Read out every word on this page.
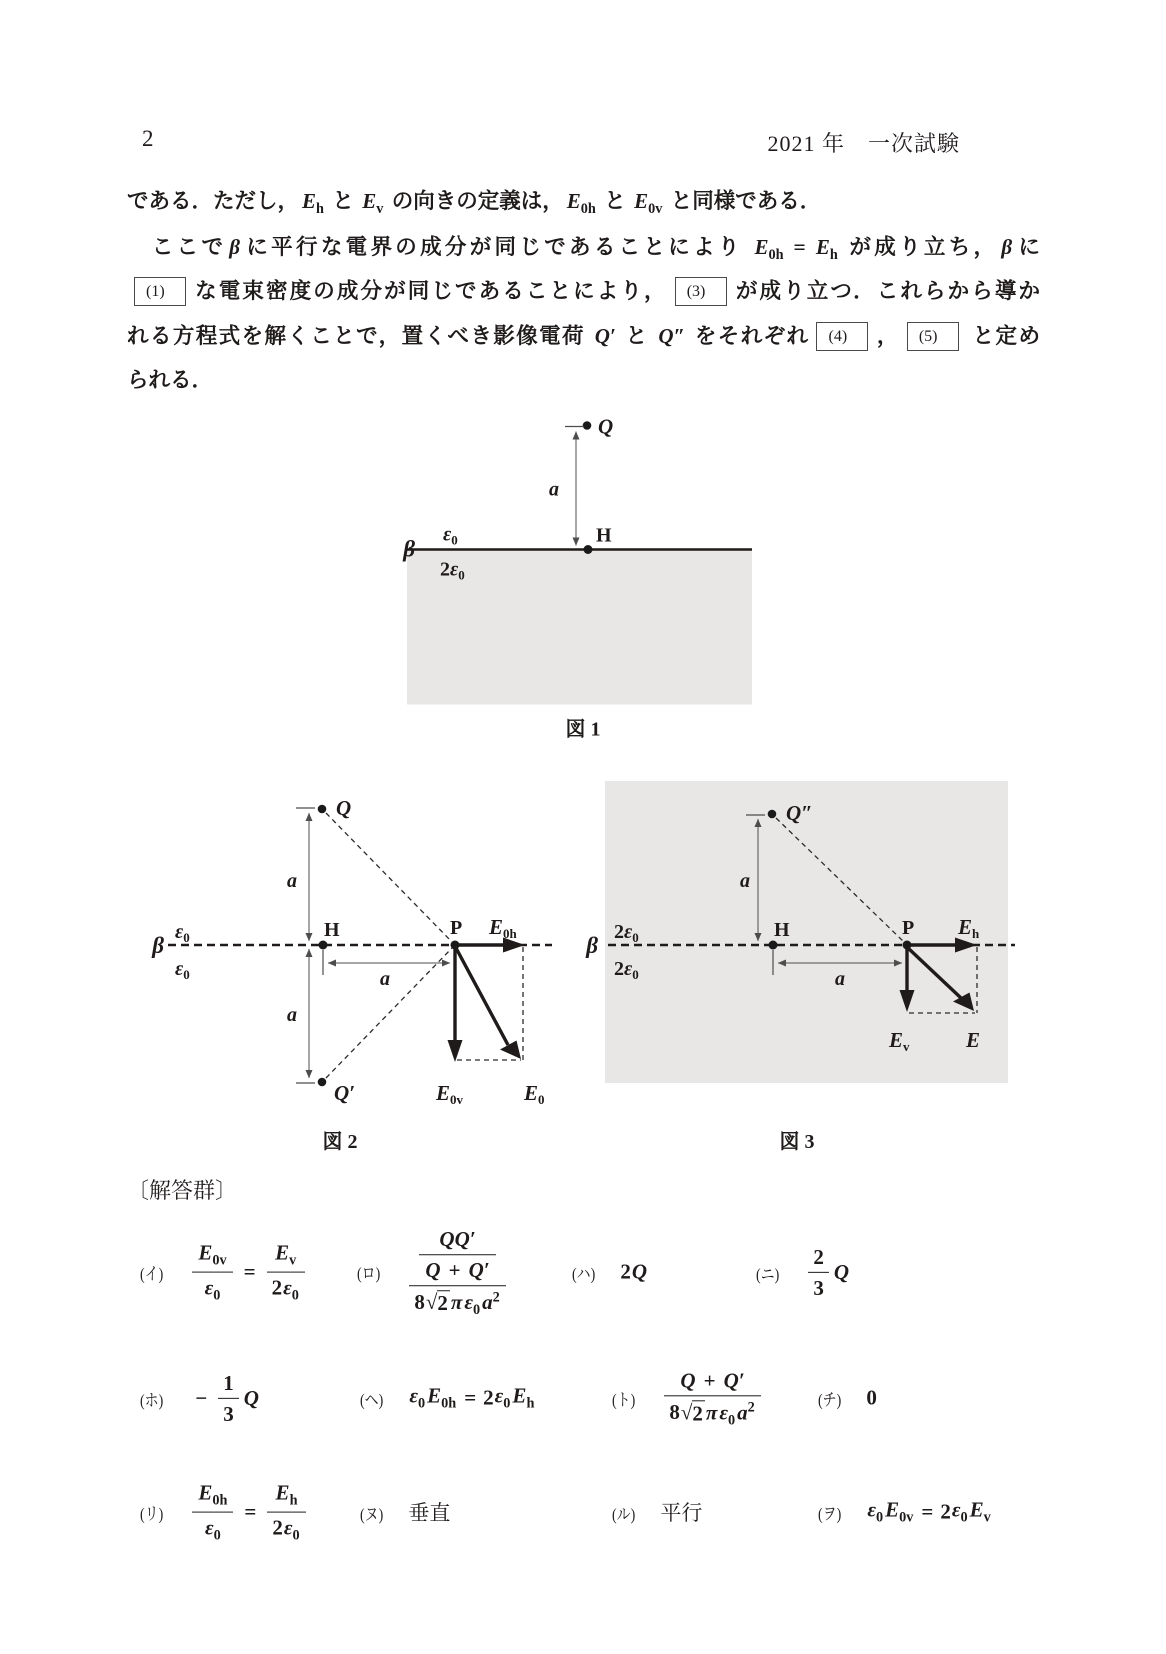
2	2021 年　一次試験
である．ただし， $E_h$ と $E_v$ の向きの定義は， $E_{0h}$ と $E_{0v}$ と同様である．
　ここで β に平行な電界の成分が同じであることにより $E_{0h} = E_h$ が成り立ち， β に
(1) な電束密度の成分が同じであることにより， (3) が成り立つ．これらから導か
れる方程式を解くことで，置くべき影像電荷 Q′ と Q″ をそれぞれ (4) ， (5) と定め
られる．
β
$\varepsilon_0$
$2\varepsilon_0$
Q
a
H
図 1
β
$\varepsilon_0$
$\varepsilon_0$
Q
Q′
a
a
H	P
a
E0h
E0v	E0
図 2
β
$2\varepsilon_0$
$2\varepsilon_0$
Q″
a
H	P
a
Eh
Ev	E
図 3
〔解答群〕
(イ) $\frac{E_{0v}}{\varepsilon_0} = \frac{E_v}{2\varepsilon_0}$	(ロ) $\frac{\frac{QQ'}{Q + Q'}}{8 √ 2 \pi\varepsilon_0a^2}$	(ハ) 2 Q	(ニ) $\frac{2}{3}$ Q
(ホ) − $\frac{1}{3}$ Q	(ヘ) $\varepsilon_0$ $E_{0h} = 2$ $\varepsilon_0$ $E_h$	(ト) $\frac{Q + Q'}{8 √ 2 \pi\varepsilon_0a^2}$	(チ) 0
(リ) $\frac{E_{0h}}{\varepsilon_0} = \frac{E_h}{2\varepsilon_0}$	(ヌ) 垂直	(ル) 平行	(ヲ) $\varepsilon_0$ $E_{0v} = 2$ $\varepsilon_0$ $E_v$
